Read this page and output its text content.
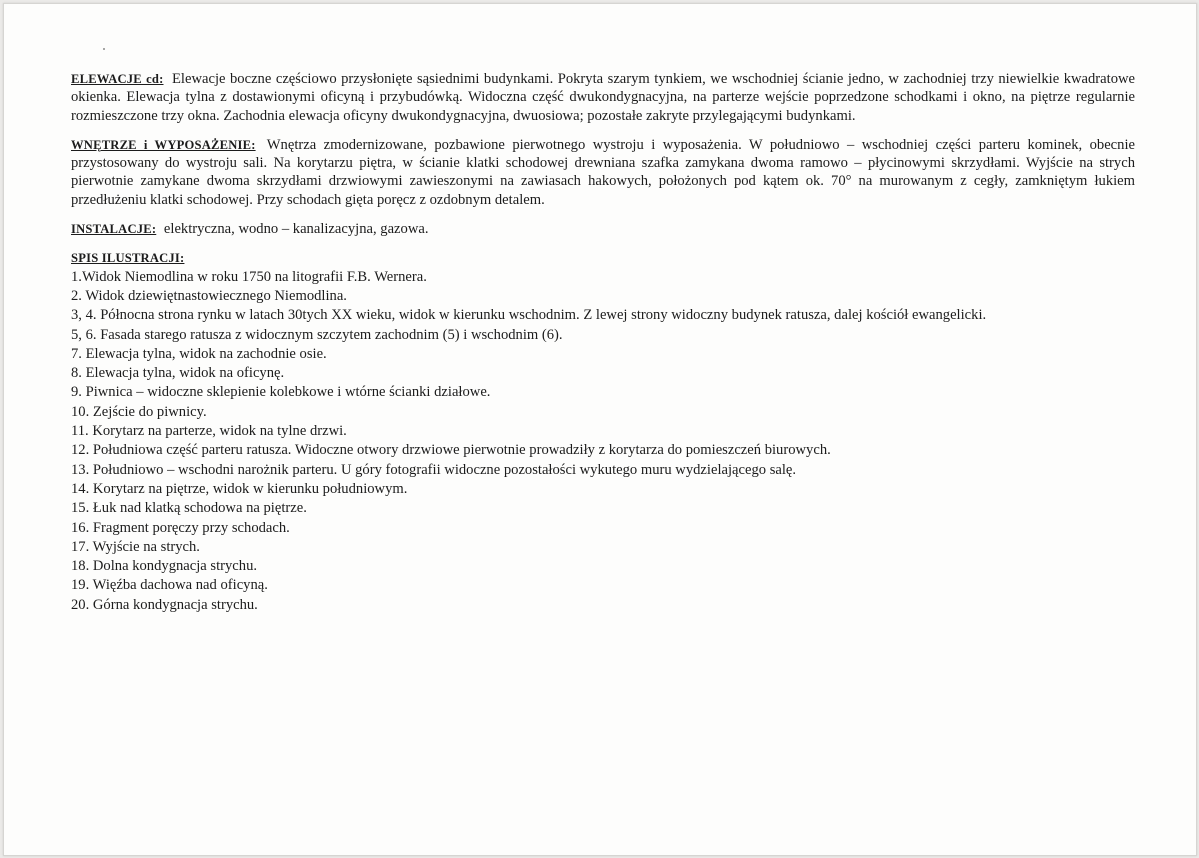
ELEWACJE cd: Elewacje boczne częściowo przysłonięte sąsiednimi budynkami. Pokryta szarym tynkiem, we wschodniej ścianie jedno, w zachodniej trzy niewielkie kwadratowe okienka. Elewacja tylna z dostawionymi oficyną i przybudówką. Widoczna część dwukondygnacyjna, na parterze wejście poprzedzone schodkami i okno, na piętrze regularnie rozmieszczone trzy okna. Zachodnia elewacja oficyny dwukondygnacyjna, dwuosiowa; pozostałe zakryte przylegającymi budynkami.

WNĘTRZE i WYPOSAŻENIE: Wnętrza zmodernizowane, pozbawione pierwotnego wystroju i wyposażenia. W południowo – wschodniej części parteru kominek, obecnie przystosowany do wystroju sali. Na korytarzu piętra, w ścianie klatki schodowej drewniana szafka zamykana dwoma ramowo – płycinowymi skrzydłami. Wyjście na strych pierwotnie zamykane dwoma skrzydłami drzwiowymi zawieszonymi na zawiasach hakowych, położonych pod kątem ok. 70° na murowanym z cegły, zamkniętym łukiem przedłużeniu klatki schodowej. Przy schodach gięta poręcz z ozdobnym detalem.

INSTALACJE: elektryczna, wodno – kanalizacyjna, gazowa.

SPIS ILUSTRACJI:

1.Widok Niemodlina w roku 1750 na litografii F.B. Wernera.
2. Widok dziewiętnastowiecznego Niemodlina.
3, 4. Północna strona rynku w latach 30tych XX wieku, widok w kierunku wschodnim. Z lewej strony widoczny budynek ratusza, dalej kościół ewangelicki.
5, 6. Fasada starego ratusza z widocznym szczytem zachodnim (5) i wschodnim (6).
7. Elewacja tylna, widok na zachodnie osie.
8. Elewacja tylna, widok na oficynę.
9. Piwnica – widoczne sklepienie kolebkowe i wtórne ścianki działowe.
10. Zejście do piwnicy.
11. Korytarz na parterze, widok na tylne drzwi.
12. Południowa część parteru ratusza. Widoczne otwory drzwiowe pierwotnie prowadziły z korytarza do pomieszczeń biurowych.
13. Południowo – wschodni narożnik parteru. U góry fotografii widoczne pozostałości wykutego muru wydzielającego salę.
14. Korytarz na piętrze, widok w kierunku południowym.
15. Łuk nad klatką schodowa na piętrze.
16. Fragment poręczy przy schodach.
17. Wyjście na strych.
18. Dolna kondygnacja strychu.
19. Więźba dachowa nad oficyną.
20. Górna kondygnacja strychu.
